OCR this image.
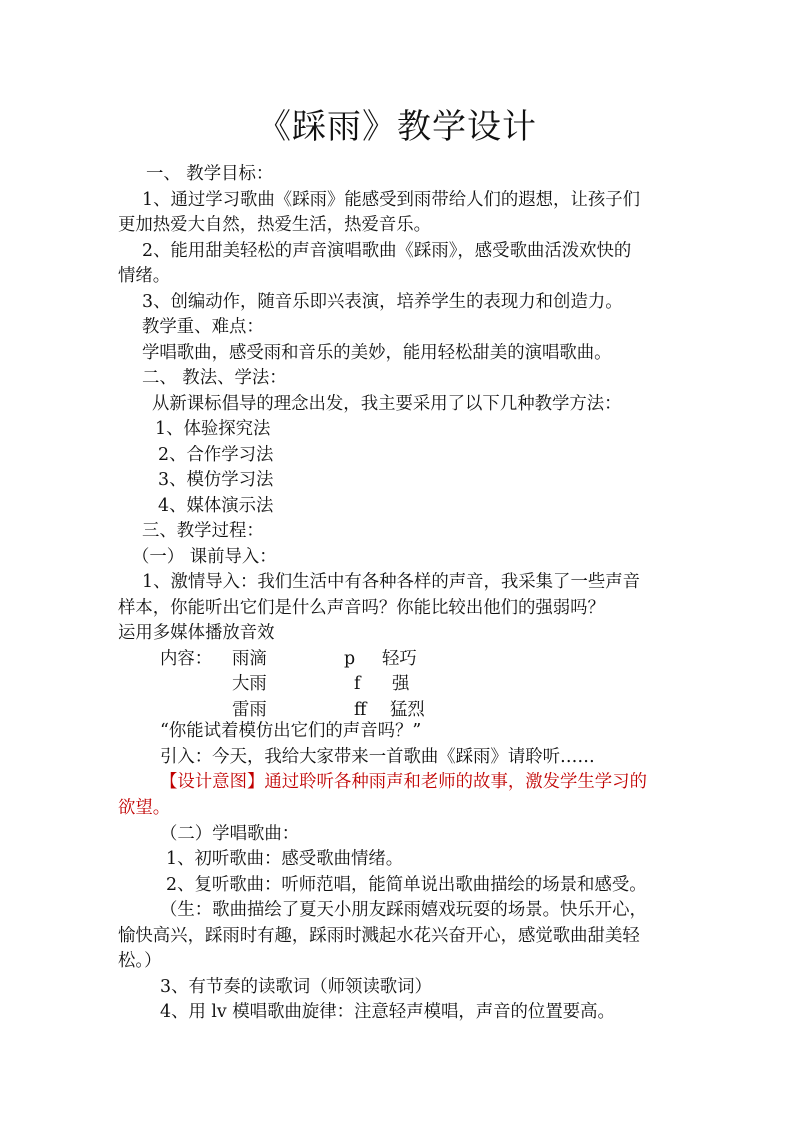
《踩雨》教学设计
一、 教学目标：
1、通过学习歌曲《踩雨》能感受到雨带给人们的遐想，让孩子们
更加热爱大自然，热爱生活，热爱音乐。
2、能用甜美轻松的声音演唱歌曲《踩雨》，感受歌曲活泼欢快的
情绪。
3、创编动作，随音乐即兴表演，培养学生的表现力和创造力。
教学重、难点：
学唱歌曲，感受雨和音乐的美妙，能用轻松甜美的演唱歌曲。
二、 教法、学法：
从新课标倡导的理念出发，我主要采用了以下几种教学方法：
1、体验探究法
2、合作学习法
3、模仿学习法
4、媒体演示法
三、教学过程：
（一） 课前导入：
1、激情导入：我们生活中有各种各样的声音，我采集了一些声音
样本，你能听出它们是什么声音吗？你能比较出他们的强弱吗？
运用多媒体播放音效
内容： 雨滴	p 轻巧
大雨	f 强
雷雨	ff 猛烈
“你能试着模仿出它们的声音吗？”
引入：今天，我给大家带来一首歌曲《踩雨》请聆听……
【设计意图】通过聆听各种雨声和老师的故事，激发学生学习的
欲望。
（二）学唱歌曲：
1、初听歌曲：感受歌曲情绪。
2、复听歌曲：听师范唱，能简单说出歌曲描绘的场景和感受。
（生：歌曲描绘了夏天小朋友踩雨嬉戏玩耍的场景。快乐开心，
愉快高兴，踩雨时有趣，踩雨时溅起水花兴奋开心，感觉歌曲甜美轻
松。）
3、有节奏的读歌词（师领读歌词）
4、用 lv 模唱歌曲旋律：注意轻声模唱，声音的位置要高。
